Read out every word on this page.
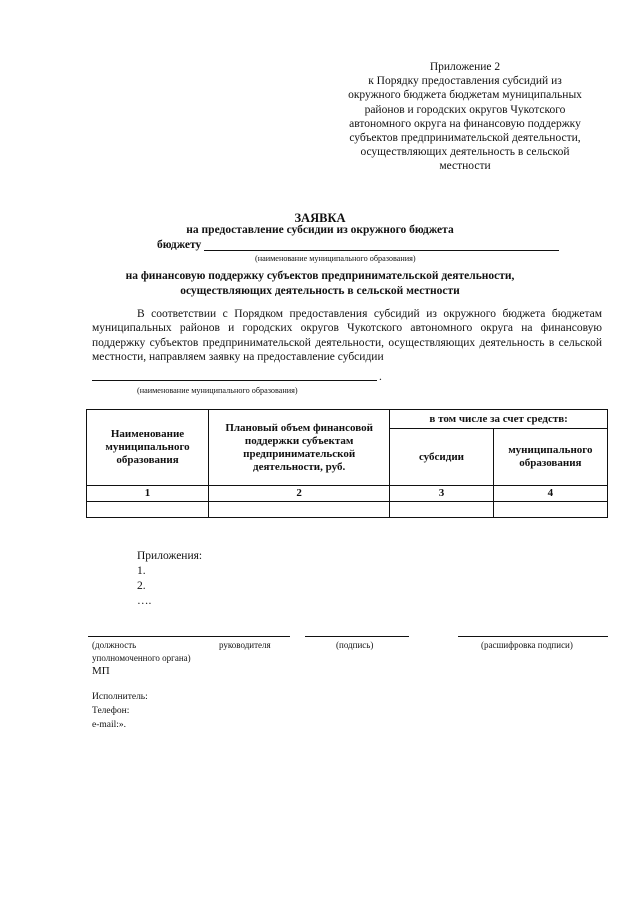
Приложение 2
к Порядку предоставления субсидий из
окружного бюджета бюджетам муниципальных
районов и городских округов Чукотского
автономного округа на финансовую поддержку
субъектов предпринимательской деятельности,
осуществляющих деятельность в сельской
местности
ЗАЯВКА
на предоставление субсидии из окружного бюджета
бюджету
(наименование муниципального образования)
на финансовую поддержку субъектов предпринимательской деятельности,
осуществляющих деятельность в сельской местности
В соответствии с Порядком предоставления субсидий из окружного бюджета бюджетам муниципальных районов и городских округов Чукотского автономного округа на финансовую поддержку субъектов предпринимательской деятельности, осуществляющих деятельность в сельской местности, направляем заявку на предоставление субсидии
.
(наименование муниципального образования)
Наименование муниципального образования	Плановый объем финансовой поддержки субъектам предпринимательской деятельности, руб.	в том числе за счет средств:	
		субсидии	муниципального образования
1	2	3	4

Приложения:
1.
2.
….
(должность	руководителя	(подпись)	(расшифровка подписи)
уполномоченного органа)
МП
Исполнитель:
Телефон:
e-mail:».
